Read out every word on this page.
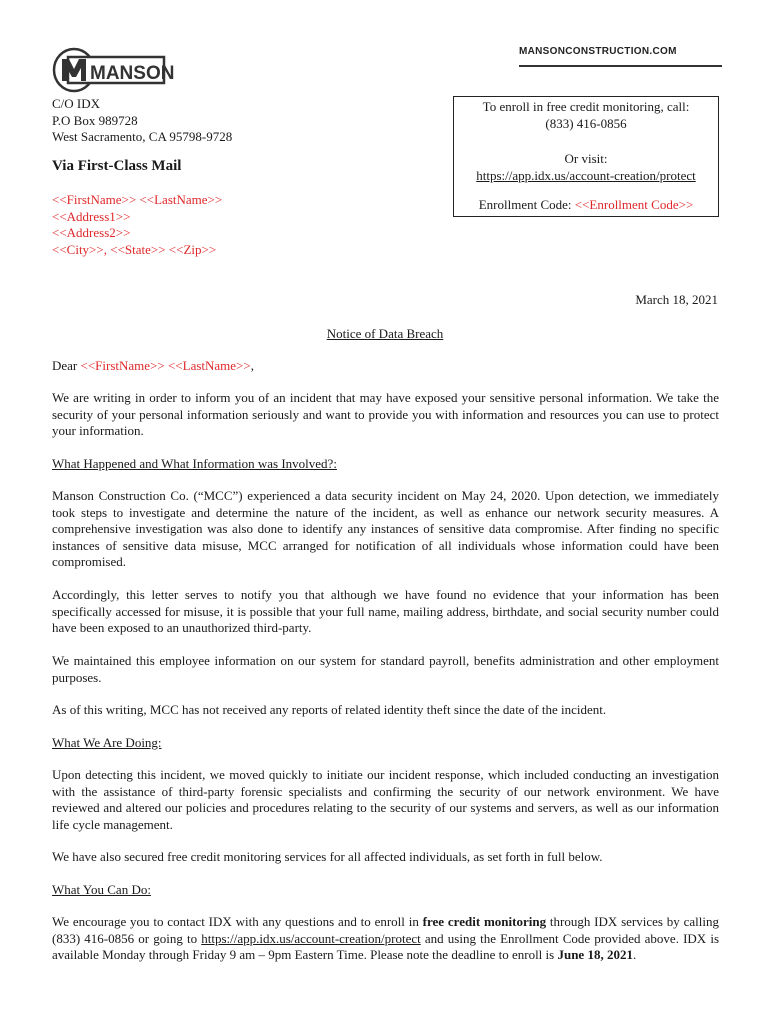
MANSON
MANSONCONSTRUCTION.COM
C/O IDX
P.O Box 989728
West Sacramento, CA 95798-9728
Via First-Class Mail
<<FirstName>> <<LastName>>
<<Address1>>
<<Address2>>
<<City>>, <<State>> <<Zip>>
To enroll in free credit monitoring, call:
(833) 416-0856
Or visit:
https://app.idx.us/account-creation/protect
Enrollment Code: <<Enrollment Code>>
March 18, 2021
Notice of Data Breach
Dear <<FirstName>> <<LastName>>,
We are writing in order to inform you of an incident that may have exposed your sensitive personal information. We take the security of your personal information seriously and want to provide you with information and resources you can use to protect your information.
What Happened and What Information was Involved?:
Manson Construction Co. (“MCC”) experienced a data security incident on May 24, 2020. Upon detection, we immediately took steps to investigate and determine the nature of the incident, as well as enhance our network security measures. A comprehensive investigation was also done to identify any instances of sensitive data compromise. After finding no specific instances of sensitive data misuse, MCC arranged for notification of all individuals whose information could have been compromised.
Accordingly, this letter serves to notify you that although we have found no evidence that your information has been specifically accessed for misuse, it is possible that your full name, mailing address, birthdate, and social security number could have been exposed to an unauthorized third-party.
We maintained this employee information on our system for standard payroll, benefits administration and other employment purposes.
As of this writing, MCC has not received any reports of related identity theft since the date of the incident.
What We Are Doing:
Upon detecting this incident, we moved quickly to initiate our incident response, which included conducting an investigation with the assistance of third-party forensic specialists and confirming the security of our network environment. We have reviewed and altered our policies and procedures relating to the security of our systems and servers, as well as our information life cycle management.
We have also secured free credit monitoring services for all affected individuals, as set forth in full below.
What You Can Do:
We encourage you to contact IDX with any questions and to enroll in free credit monitoring through IDX services by calling (833) 416-0856 or going to https://app.idx.us/account-creation/protect and using the Enrollment Code provided above. IDX is available Monday through Friday 9 am – 9pm Eastern Time. Please note the deadline to enroll is June 18, 2021.
